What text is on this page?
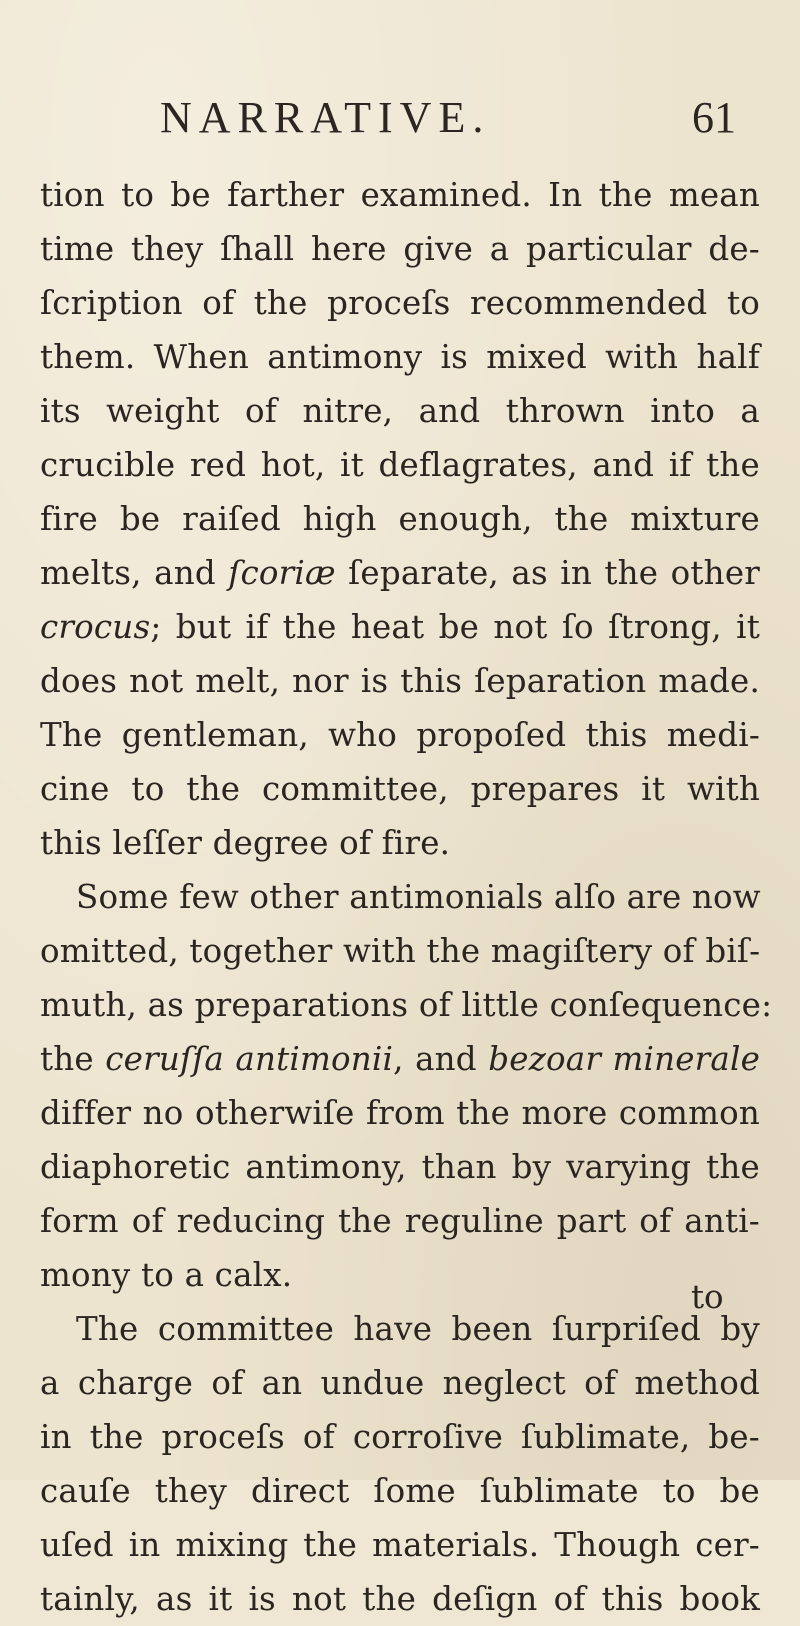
NARRATIVE.	61
tion to be farther examined. In the mean
time they ſhall here give a particular de-
ſcription of the proceſs recommended to
them. When antimony is mixed with half
its weight of nitre, and thrown into a
crucible red hot, it deflagrates, and if the
fire be raiſed high enough, the mixture
melts, and ſcoriæ ſeparate, as in the other
crocus; but if the heat be not ſo ſtrong, it
does not melt, nor is this ſeparation made.
The gentleman, who propoſed this medi-
cine to the committee, prepares it with
this leſſer degree of fire.
Some few other antimonials alſo are now
omitted, together with the magiſtery of biſ-
muth, as preparations of little conſequence:
the ceruſſa antimonii, and bezoar minerale
differ no otherwiſe from the more common
diaphoretic antimony, than by varying the
form of reducing the reguline part of anti-
mony to a calx.
The committee have been ſurpriſed by
a charge of an undue neglect of method
in the proceſs of corroſive ſublimate, be-
cauſe they direct ſome ſublimate to be
uſed in mixing the materials. Though cer-
tainly, as it is not the deſign of this book
to
